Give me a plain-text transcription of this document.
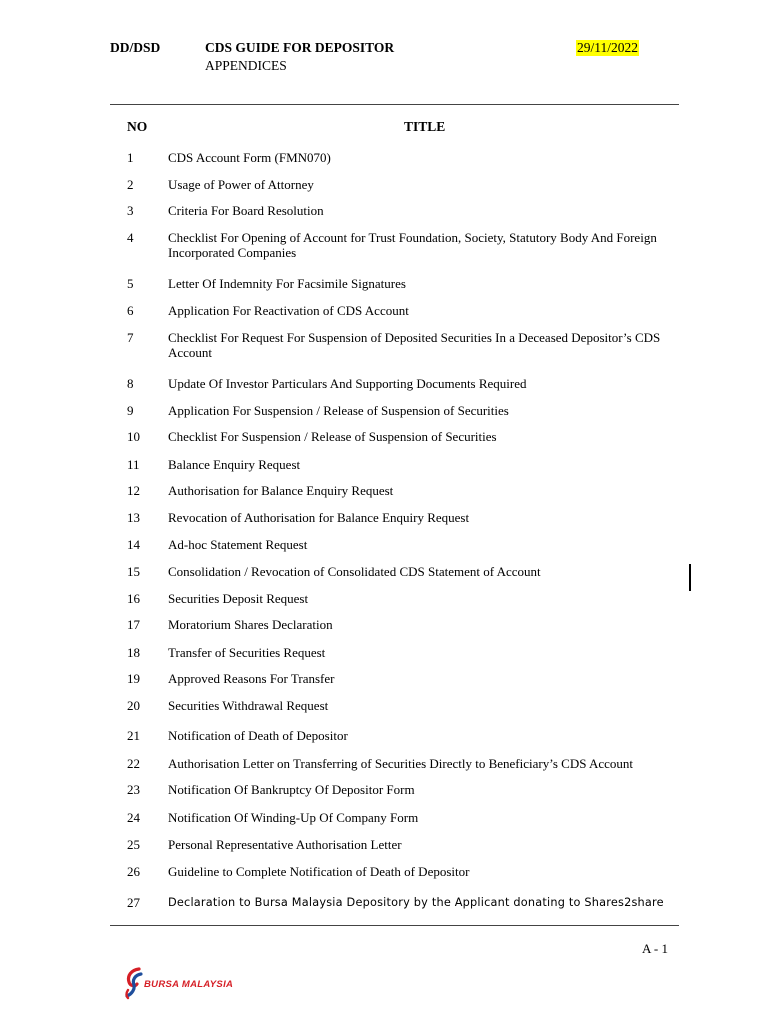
DD/DSD	CDS GUIDE FOR DEPOSITOR
APPENDICES
29/11/2022
NO	TITLE
1	CDS Account Form (FMN070)
2	Usage of Power of Attorney
3	Criteria For Board Resolution
4	Checklist For Opening of Account for Trust Foundation, Society, Statutory Body And Foreign Incorporated Companies
5	Letter Of Indemnity For Facsimile Signatures
6	Application For Reactivation of CDS Account
7	Checklist For Request For Suspension of Deposited Securities In a Deceased Depositor’s CDS Account
8	Update Of Investor Particulars And Supporting Documents Required
9	Application For Suspension / Release of Suspension of Securities
10 Checklist For Suspension / Release of Suspension of Securities
11 Balance Enquiry Request
12 Authorisation for Balance Enquiry Request
13 Revocation of Authorisation for Balance Enquiry Request
14 Ad-hoc Statement Request
15 Consolidation / Revocation of Consolidated CDS Statement of Account
16 Securities Deposit Request
17 Moratorium Shares Declaration
18 Transfer of Securities Request
19 Approved Reasons For Transfer
20 Securities Withdrawal Request
21 Notification of Death of Depositor
22 Authorisation Letter on Transferring of Securities Directly to Beneficiary’s CDS Account
23 Notification Of Bankruptcy Of Depositor Form
24 Notification Of Winding-Up Of Company Form
25 Personal Representative Authorisation Letter
26 Guideline to Complete Notification of Death of Depositor
27 Declaration to Bursa Malaysia Depository by the Applicant donating to Shares2share
A - 1
BURSA MALAYSIA
